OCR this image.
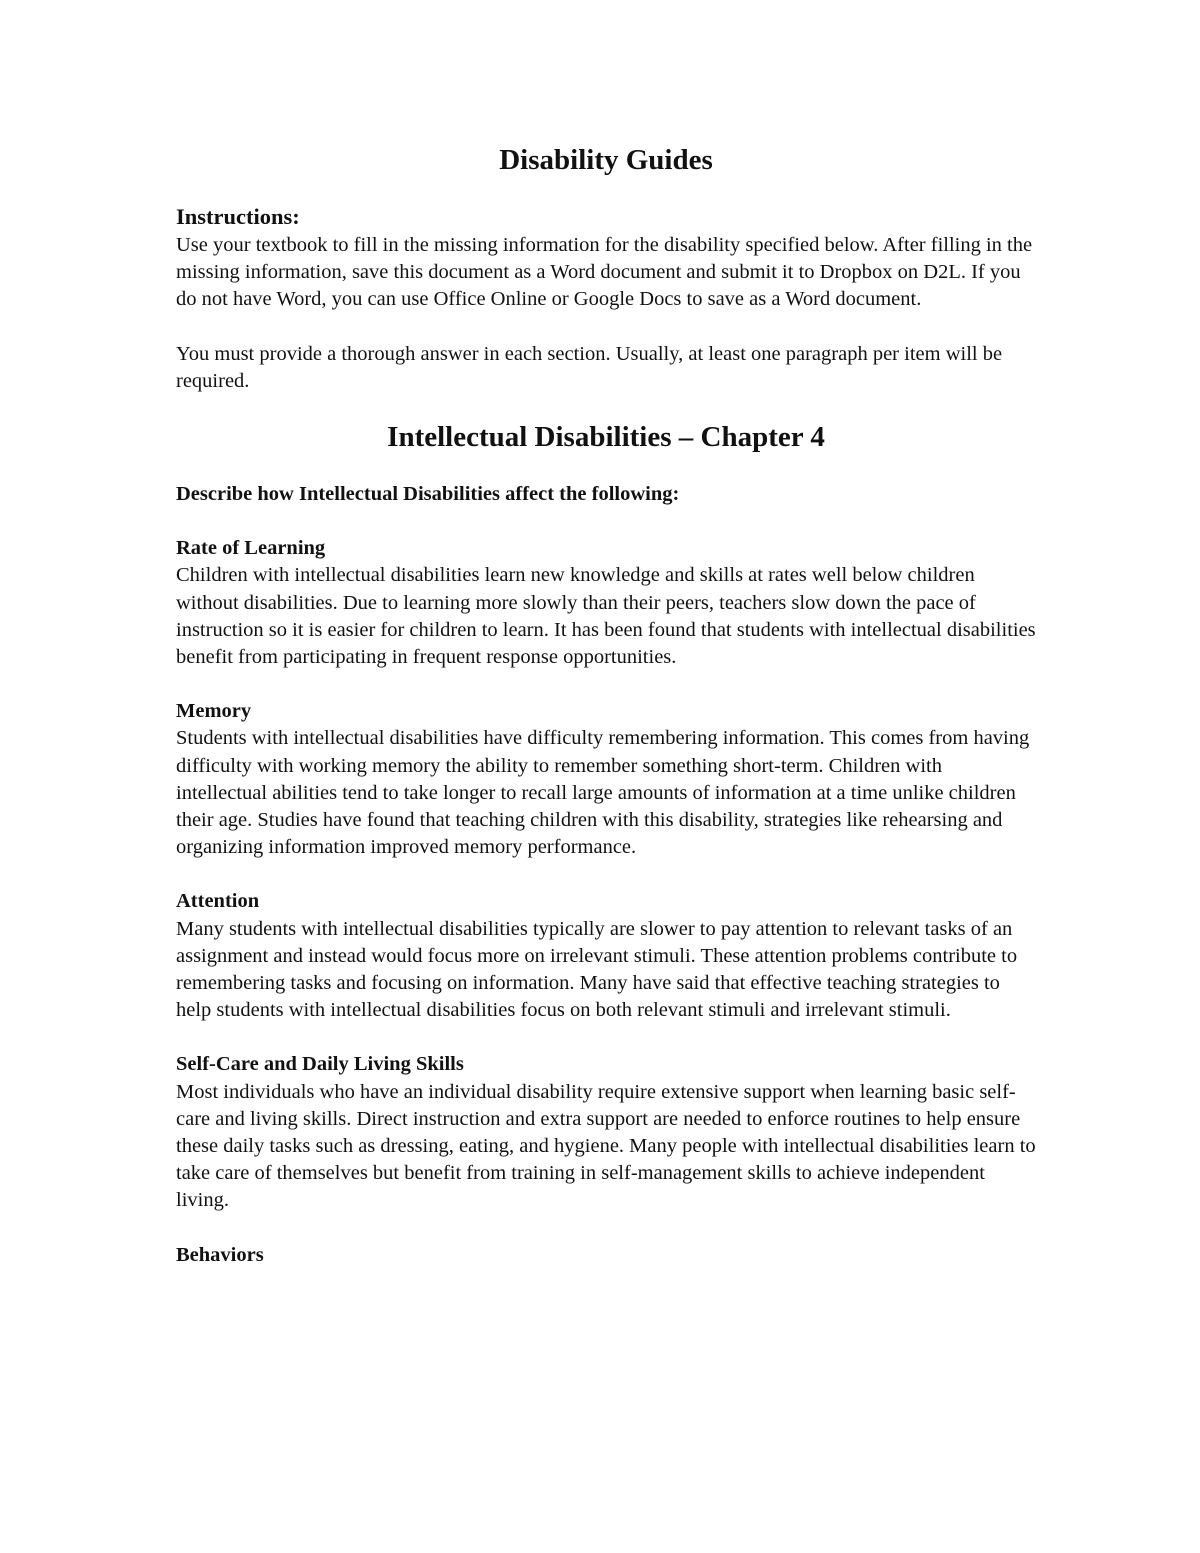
Disability Guides
Instructions:

Use your textbook to fill in the missing information for the disability specified below. After filling in the missing information, save this document as a Word document and submit it to Dropbox on D2L. If you do not have Word, you can use Office Online or Google Docs to save as a Word document.

You must provide a thorough answer in each section. Usually, at least one paragraph per item will be required.

Intellectual Disabilities – Chapter 4

Describe how Intellectual Disabilities affect the following:

Rate of Learning

Children with intellectual disabilities learn new knowledge and skills at rates well below children without disabilities. Due to learning more slowly than their peers, teachers slow down the pace of instruction so it is easier for children to learn. It has been found that students with intellectual disabilities benefit from participating in frequent response opportunities.

Memory

Students with intellectual disabilities have difficulty remembering information. This comes from having difficulty with working memory the ability to remember something short-term. Children with intellectual abilities tend to take longer to recall large amounts of information at a time unlike children their age. Studies have found that teaching children with this disability, strategies like rehearsing and organizing information improved memory performance.

Attention

Many students with intellectual disabilities typically are slower to pay attention to relevant tasks of an assignment and instead would focus more on irrelevant stimuli. These attention problems contribute to remembering tasks and focusing on information. Many have said that effective teaching strategies to help students with intellectual disabilities focus on both relevant stimuli and irrelevant stimuli.

Self-Care and Daily Living Skills

Most individuals who have an individual disability require extensive support when learning basic self-care and living skills. Direct instruction and extra support are needed to enforce routines to help ensure these daily tasks such as dressing, eating, and hygiene. Many people with intellectual disabilities learn to take care of themselves but benefit from training in self-management skills to achieve independent living.

Behaviors
